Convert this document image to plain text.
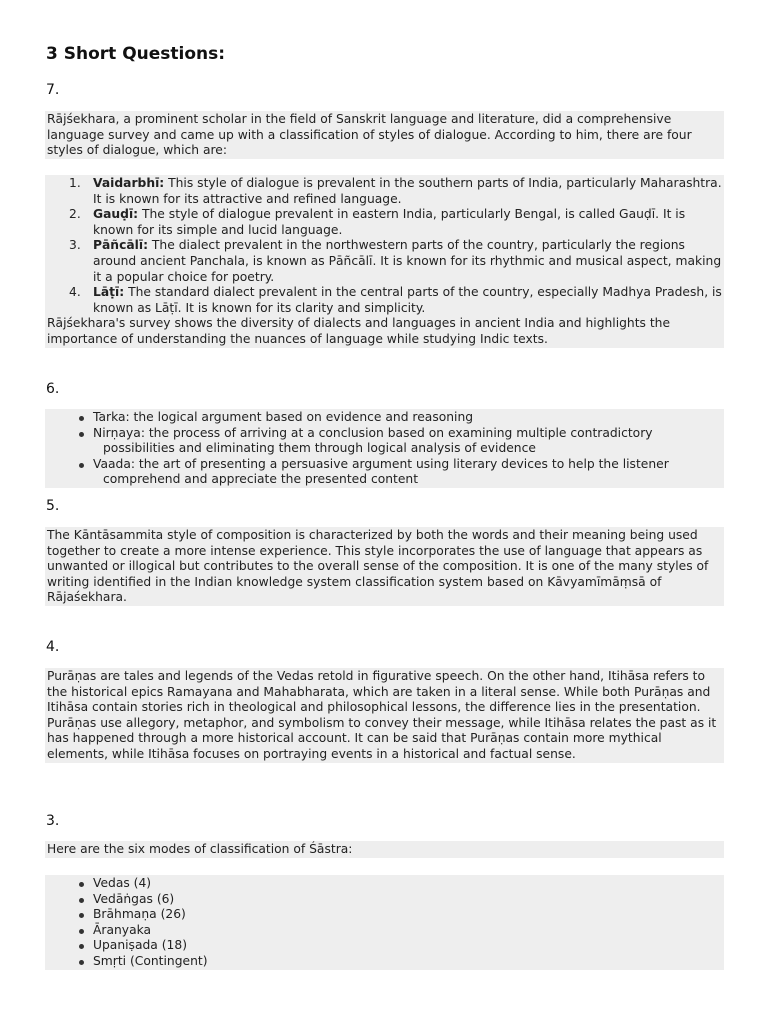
3 Short Questions:
7.

Rājśekhara, a prominent scholar in the field of Sanskrit language and literature, did a comprehensive language survey and came up with a classification of styles of dialogue. According to him, there are four styles of dialogue, which are:

1. Vaidarbhī: This style of dialogue is prevalent in the southern parts of India, particularly Maharashtra. It is known for its attractive and refined language.
2. Gauḍī: The style of dialogue prevalent in eastern India, particularly Bengal, is called Gauḍī. It is known for its simple and lucid language.
3. Pāñcālī: The dialect prevalent in the northwestern parts of the country, particularly the regions around ancient Panchala, is known as Pāñcālī. It is known for its rhythmic and musical aspect, making it a popular choice for poetry.
4. Lāṭī: The standard dialect prevalent in the central parts of the country, especially Madhya Pradesh, is known as Lāṭī. It is known for its clarity and simplicity.

Rājśekhara's survey shows the diversity of dialects and languages in ancient India and highlights the importance of understanding the nuances of language while studying Indic texts.

6.
Tarka: the logical argument based on evidence and reasoning
Nirṇaya: the process of arriving at a conclusion based on examining multiple contradictory possibilities and eliminating them through logical analysis of evidence
Vaada: the art of presenting a persuasive argument using literary devices to help the listener comprehend and appreciate the presented content
5.

The Kāntāsammita style of composition is characterized by both the words and their meaning being used together to create a more intense experience. This style incorporates the use of language that appears as unwanted or illogical but contributes to the overall sense of the composition. It is one of the many styles of writing identified in the Indian knowledge system classification system based on Kāvyamīmāṃsā of Rājaśekhara.

4.

Purāṇas are tales and legends of the Vedas retold in figurative speech. On the other hand, Itihāsa refers to the historical epics Ramayana and Mahabharata, which are taken in a literal sense. While both Purāṇas and Itihāsa contain stories rich in theological and philosophical lessons, the difference lies in the presentation. Purāṇas use allegory, metaphor, and symbolism to convey their message, while Itihāsa relates the past as it has happened through a more historical account. It can be said that Purāṇas contain more mythical elements, while Itihāsa focuses on portraying events in a historical and factual sense.

3.

Here are the six modes of classification of Śāstra:

Vedas (4)
Vedāṅgas (6)
Brāhmaṇa (26)
Āranyaka
Upaniṣada (18)
Smṛti (Contingent)
